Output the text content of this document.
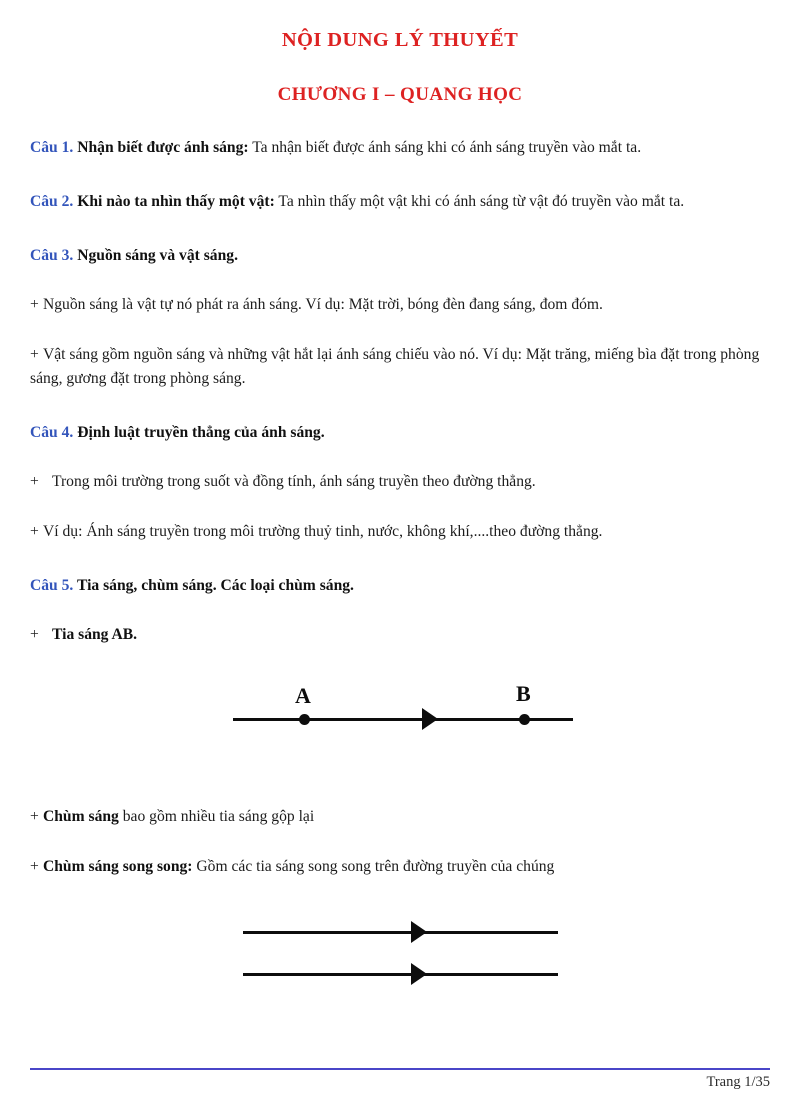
NỘI DUNG LÝ THUYẾT
CHƯƠNG I – QUANG HỌC

Câu 1. Nhận biết được ánh sáng: Ta nhận biết được ánh sáng khi có ánh sáng truyền vào mắt ta.

Câu 2. Khi nào ta nhìn thấy một vật: Ta nhìn thấy một vật khi có ánh sáng từ vật đó truyền vào mắt ta.

Câu 3. Nguồn sáng và vật sáng.

+ Nguồn sáng là vật tự nó phát ra ánh sáng. Ví dụ: Mặt trời, bóng đèn đang sáng, đom đóm.

+ Vật sáng gồm nguồn sáng và những vật hắt lại ánh sáng chiếu vào nó. Ví dụ: Mặt trăng, miếng bìa đặt trong phòng sáng, gương đặt trong phòng sáng.

Câu 4. Định luật truyền thẳng của ánh sáng.

+ Trong môi trường trong suốt và đồng tính, ánh sáng truyền theo đường thẳng.

+ Ví dụ: Ánh sáng truyền trong môi trường thuỷ tinh, nước, không khí,....theo đường thẳng.

Câu 5. Tia sáng, chùm sáng. Các loại chùm sáng.

+ Tia sáng AB.

A	B

+ Chùm sáng bao gồm nhiều tia sáng gộp lại

+ Chùm sáng song song: Gồm các tia sáng song song trên đường truyền của chúng

Trang 1/35
